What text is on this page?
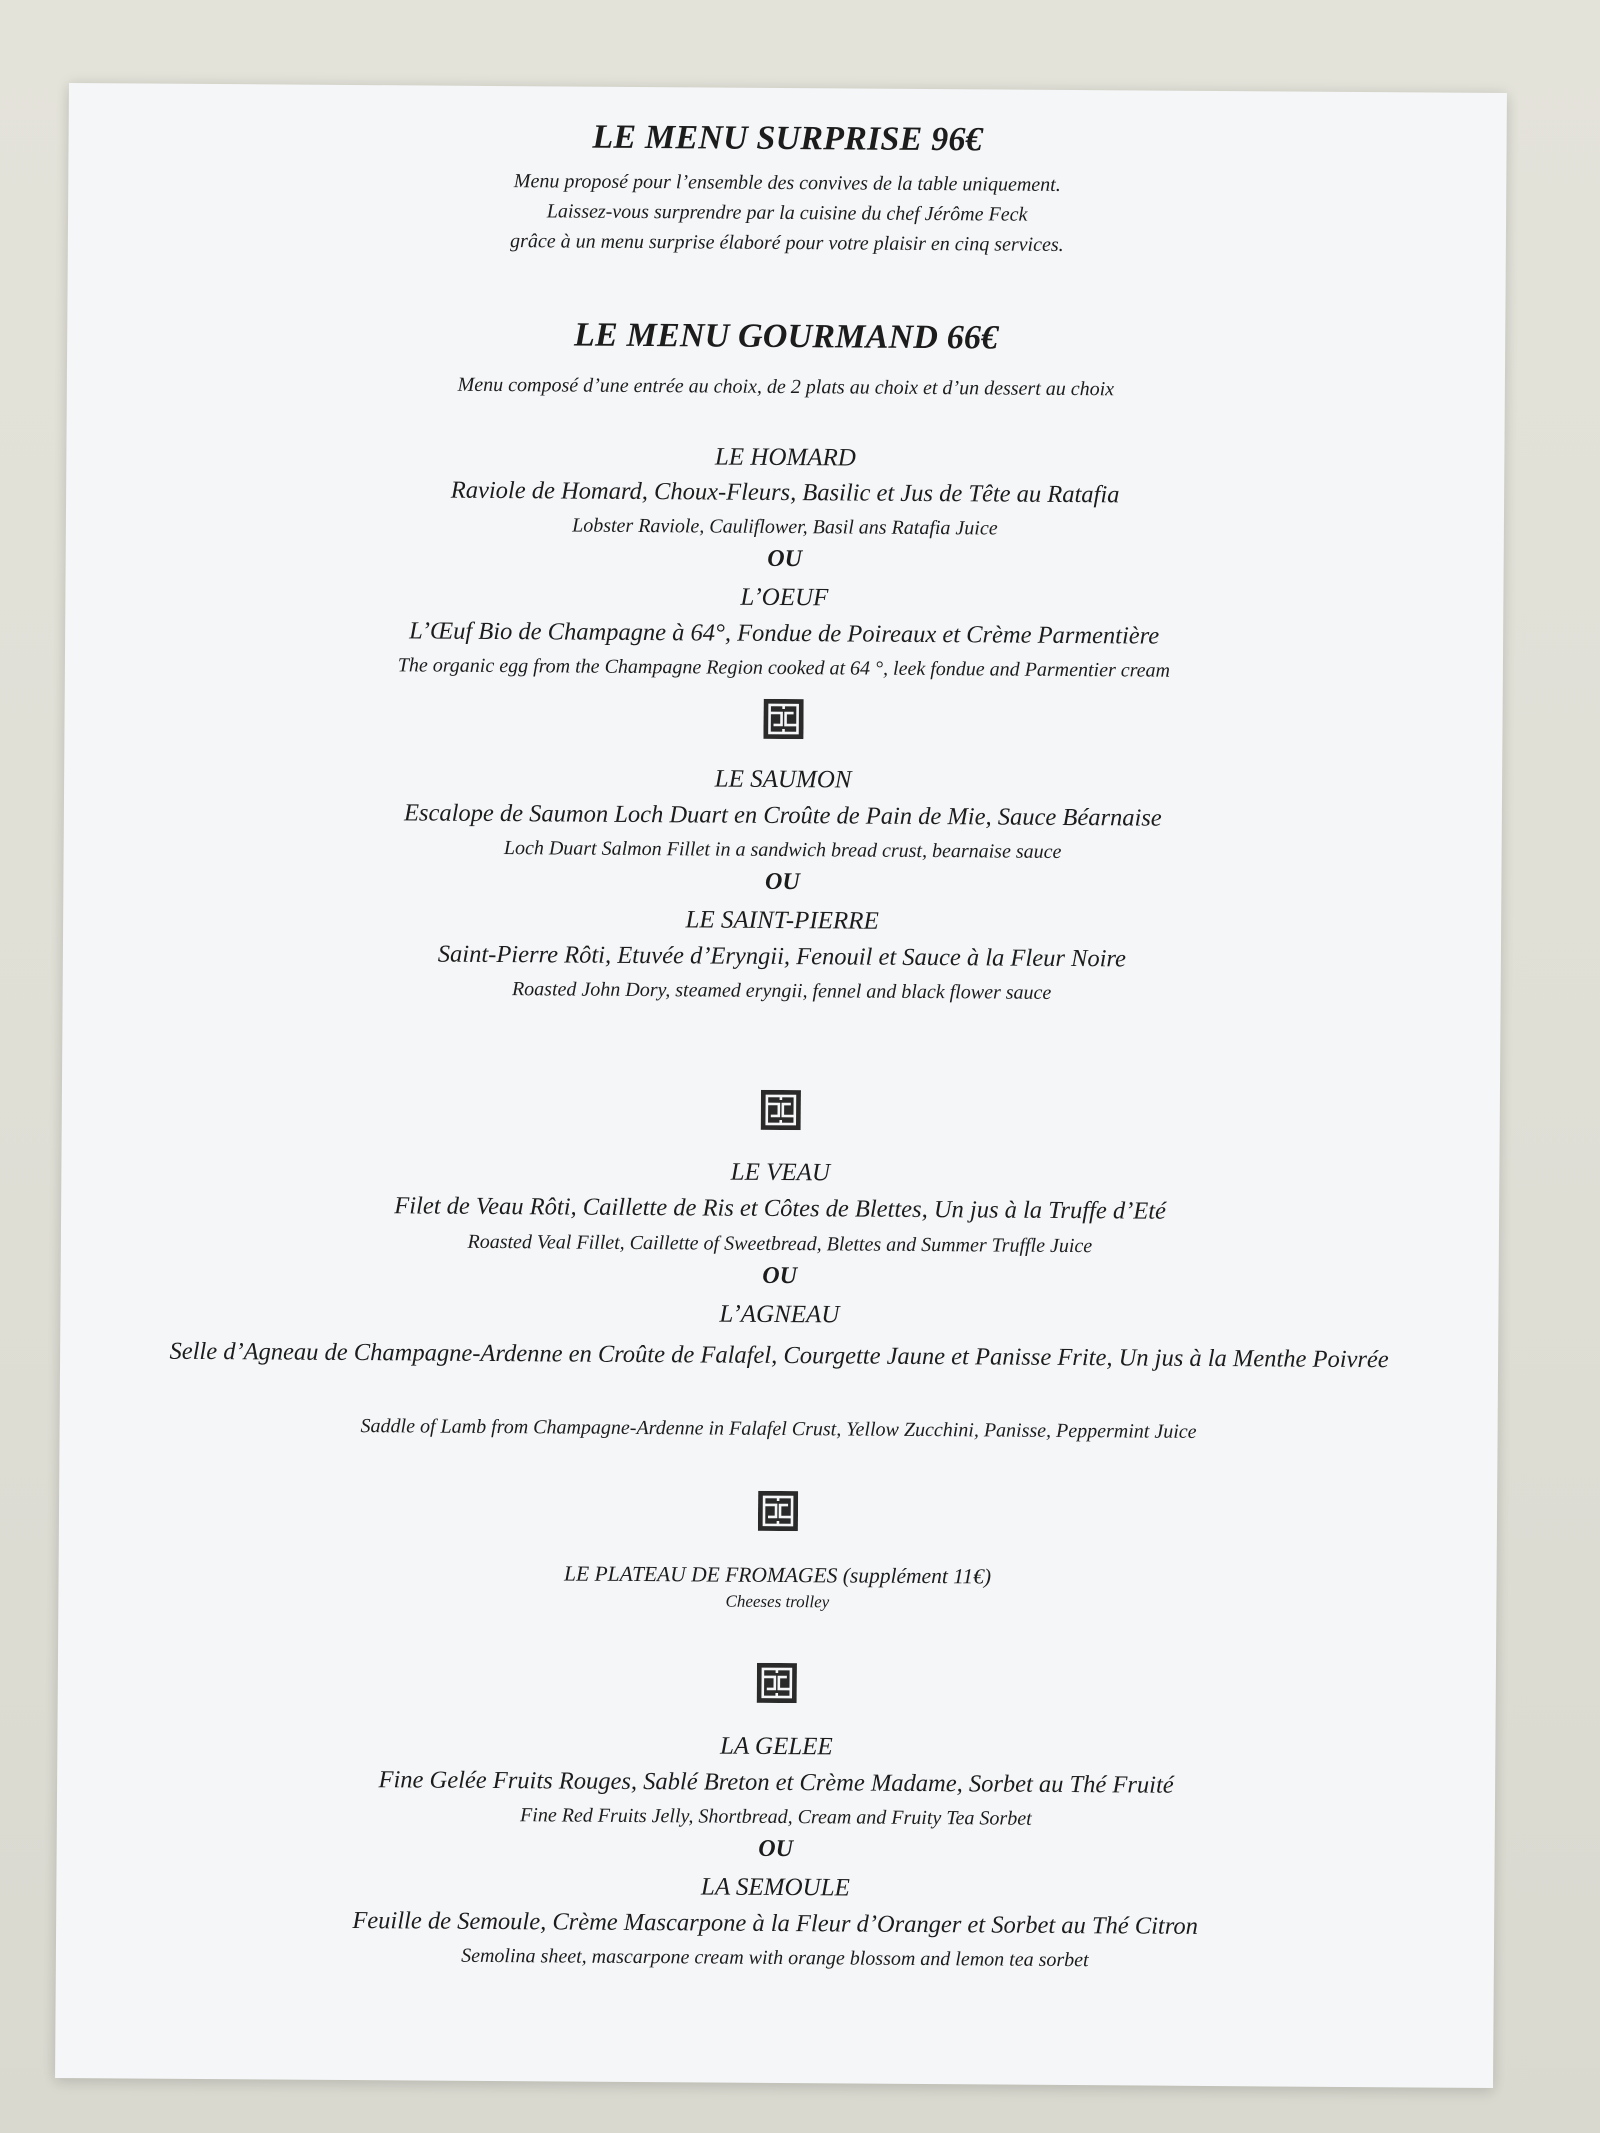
LE MENU SURPRISE 96€
Menu proposé pour l’ensemble des convives de la table uniquement.
Laissez-vous surprendre par la cuisine du chef Jérôme Feck
grâce à un menu surprise élaboré pour votre plaisir en cinq services.
LE MENU GOURMAND 66€
Menu composé d’une entrée au choix, de 2 plats au choix et d’un dessert au choix
LE HOMARD
Raviole de Homard, Choux-Fleurs, Basilic et Jus de Tête au Ratafia
Lobster Raviole, Cauliflower, Basil ans Ratafia Juice
OU
L’OEUF
L’Œuf Bio de Champagne à 64°, Fondue de Poireaux et Crème Parmentière
The organic egg from the Champagne Region cooked at 64 °, leek fondue and Parmentier cream
LE SAUMON
Escalope de Saumon Loch Duart en Croûte de Pain de Mie, Sauce Béarnaise
Loch Duart Salmon Fillet in a sandwich bread crust, bearnaise sauce
OU
LE SAINT-PIERRE
Saint-Pierre Rôti, Etuvée d’Eryngii, Fenouil et Sauce à la Fleur Noire
Roasted John Dory, steamed eryngii, fennel and black flower sauce
LE VEAU
Filet de Veau Rôti, Caillette de Ris et Côtes de Blettes, Un jus à la Truffe d’Eté
Roasted Veal Fillet, Caillette of Sweetbread, Blettes and Summer Truffle Juice
OU
L’AGNEAU
Selle d’Agneau de Champagne-Ardenne en Croûte de Falafel, Courgette Jaune et Panisse Frite, Un jus à la Menthe Poivrée
Saddle of Lamb from Champagne-Ardenne in Falafel Crust, Yellow Zucchini, Panisse, Peppermint Juice
LE PLATEAU DE FROMAGES (supplément 11€)
Cheeses trolley
LA GELEE
Fine Gelée Fruits Rouges, Sablé Breton et Crème Madame, Sorbet au Thé Fruité
Fine Red Fruits Jelly, Shortbread, Cream and Fruity Tea Sorbet
OU
LA SEMOULE
Feuille de Semoule, Crème Mascarpone à la Fleur d’Oranger et Sorbet au Thé Citron
Semolina sheet, mascarpone cream with orange blossom and lemon tea sorbet
